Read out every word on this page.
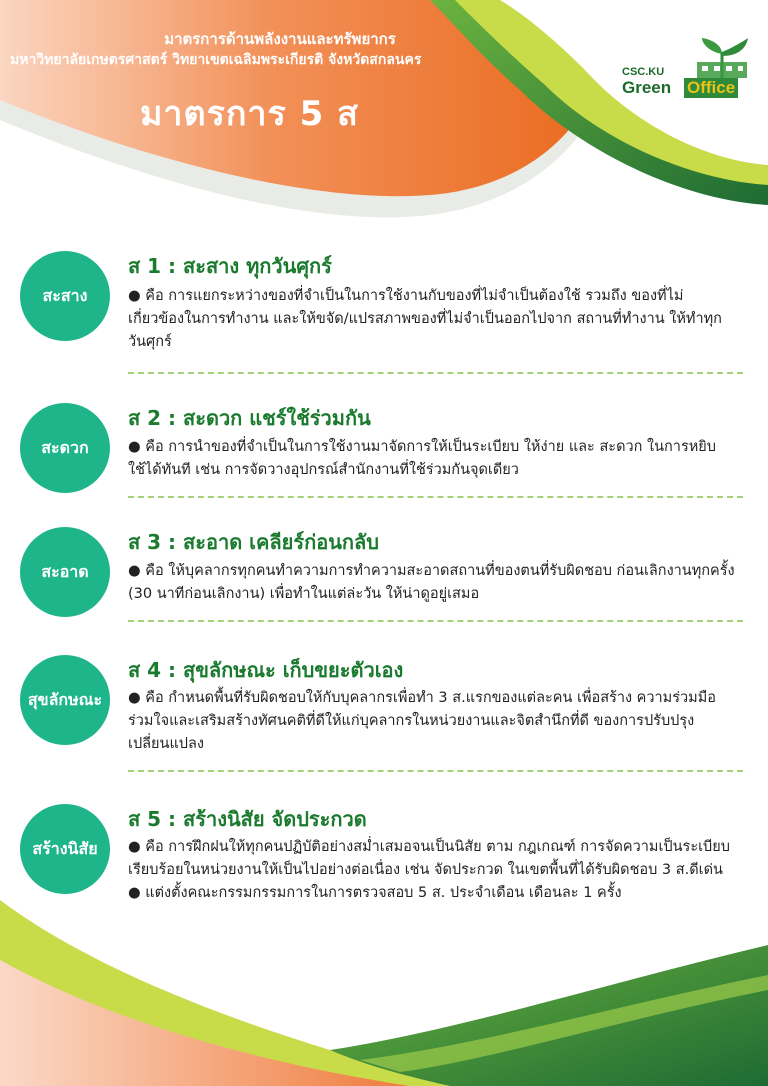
มาตรการด้านพลังงานและทรัพยากร
มหาวิทยาลัยเกษตรศาสตร์ วิทยาเขตเฉลิมพระเกียรติ จังหวัดสกลนคร
มาตรการ 5 ส
CSC.KU
Green Office
สะสาง
ส 1 : สะสาง ทุกวันศุกร์

● คือ การแยกระหว่างของที่จำเป็นในการใช้งานกับของที่ไม่จำเป็นต้องใช้ รวมถึง ของที่ไม่เกี่ยวข้องในการทำงาน และให้ขจัด/แปรสภาพของที่ไม่จำเป็นออกไปจาก สถานที่ทำงาน ให้ทำทุกวันศุกร์

สะดวก
ส 2 : สะดวก แชร์ใช้ร่วมกัน

● คือ การนำของที่จำเป็นในการใช้งานมาจัดการให้เป็นระเบียบ ให้ง่าย และ สะดวก ในการหยิบใช้ได้ทันที เช่น การจัดวางอุปกรณ์สำนักงานที่ใช้ร่วมกันจุดเดียว

สะอาด
ส 3 : สะอาด เคลียร์ก่อนกลับ

● คือ ให้บุคลากรทุกคนทำความการทำความสะอาดสถานที่ของตนที่รับผิดชอบ ก่อนเลิกงานทุกครั้ง (30 นาทีก่อนเลิกงาน) เพื่อทำในแต่ล่ะวัน ให้น่าดูอยู่เสมอ

สุขลักษณะ
ส 4 : สุขลักษณะ เก็บขยะตัวเอง

● คือ กำหนดพื้นที่รับผิดชอบให้กับบุคลากรเพื่อทำ 3 ส.แรกของแต่ละคน เพื่อสร้าง ความร่วมมือ ร่วมใจและเสริมสร้างทัศนคติที่ดีให้แก่บุคลากรในหน่วยงานและจิตสำนึกที่ดี ของการปรับปรุงเปลี่ยนแปลง

สร้างนิสัย
ส 5 : สร้างนิสัย จัดประกวด

● คือ การฝึกฝนให้ทุกคนปฏิบัติอย่างสม่ำเสมอจนเป็นนิสัย ตาม กฎเกณฑ์ การจัดความเป็นระเบียบเรียบร้อยในหน่วยงานให้เป็นไปอย่างต่อเนื่อง เช่น จัดประกวด ในเขตพื้นที่ได้รับผิดชอบ 3 ส.ดีเด่น

● แต่งตั้งคณะกรรมกรรมการในการตรวจสอบ 5 ส. ประจำเดือน เดือนละ 1 ครั้ง
